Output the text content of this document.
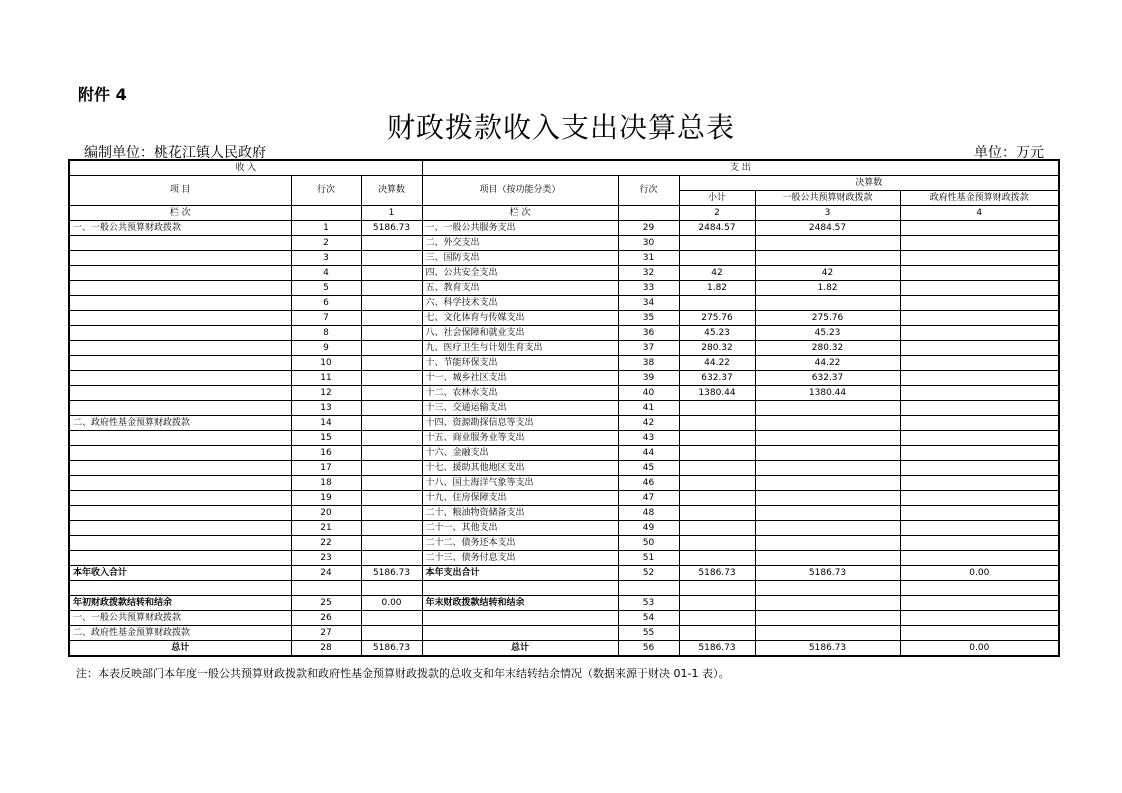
附件 4
财政拨款收入支出决算总表
编制单位：桃花江镇人民政府	单位：万元
收 入			支 出				
项 目	行次	决算数	项目（按功能分类）	行次	决算数		
					小计	一般公共预算财政拨款	政府性基金预算财政拨款
栏 次		1	栏 次		2	3	4
一、一般公共预算财政拨款	1	5186.73	一、一般公共服务支出	29	2484.57	2484.57	
	2		二、外交支出	30			
	3		三、国防支出	31			
	4		四、公共安全支出	32	42	42	
	5		五、教育支出	33	1.82	1.82	
	6		六、科学技术支出	34			
	7		七、文化体育与传媒支出	35	275.76	275.76	
	8		八、社会保障和就业支出	36	45.23	45.23	
	9		九、医疗卫生与计划生育支出	37	280.32	280.32	
	10		十、节能环保支出	38	44.22	44.22	
	11		十一、城乡社区支出	39	632.37	632.37	
	12		十二、农林水支出	40	1380.44	1380.44	
	13		十三、交通运输支出	41			
二、政府性基金预算财政拨款	14		十四、资源勘探信息等支出	42			
	15		十五、商业服务业等支出	43			
	16		十六、金融支出	44			
	17		十七、援助其他地区支出	45			
	18		十八、国土海洋气象等支出	46			
	19		十九、住房保障支出	47			
	20		二十、粮油物资储备支出	48			
	21		二十一、其他支出	49			
	22		二十二、债务还本支出	50			
	23		二十三、债务付息支出	51			
本年收入合计	24	5186.73	本年支出合计	52	5186.73	5186.73	0.00

年初财政拨款结转和结余	25	0.00	年末财政拨款结转和结余	53			
一、一般公共预算财政拨款	26			54			
二、政府性基金预算财政拨款	27			55			
总计	28	5186.73	总计	56	5186.73	5186.73	0.00
注：本表反映部门本年度一般公共预算财政拨款和政府性基金预算财政拨款的总收支和年末结转结余情况（数据来源于财决 01-1 表）。
